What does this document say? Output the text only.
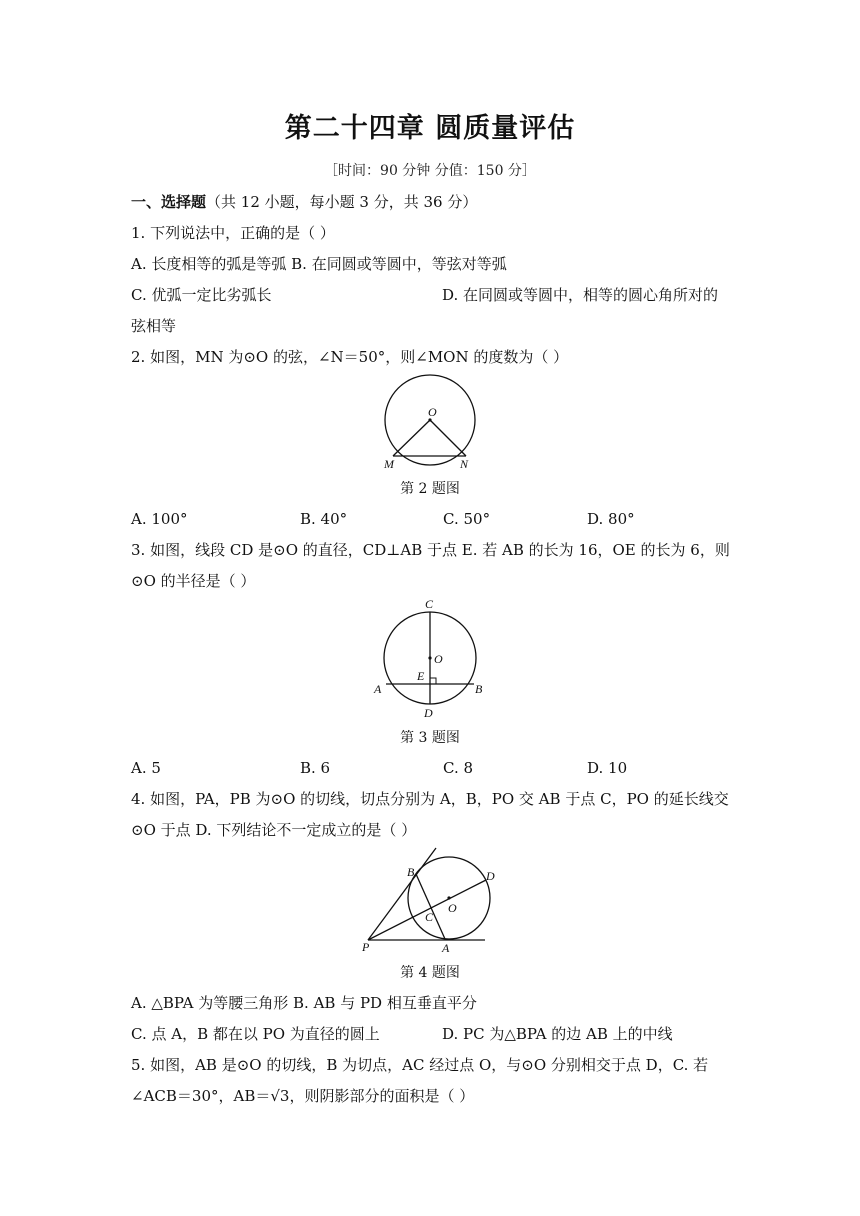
第二十四章 圆质量评估
［时间：90 分钟 分值：150 分］
一、选择题（共 12 小题，每小题 3 分，共 36 分）
1. 下列说法中，正确的是（ ）
A. 长度相等的弧是等弧 B. 在同圆或等圆中，等弦对等弧
C. 优弧一定比劣弧长	D. 在同圆或等圆中，相等的圆心角所对的
弦相等
2. 如图，MN 为⊙O 的弦，∠N＝50°，则∠MON 的度数为（ ）
O
M	N
第 2 题图
A. 100°	B. 40°	C. 50°	D. 80°
3. 如图，线段 CD 是⊙O 的直径，CD⊥AB 于点 E. 若 AB 的长为 16，OE 的长为 6，则
⊙O 的半径是（ ）
C
O
E
A	B
D
第 3 题图
A. 5	B. 6	C. 8	D. 10
4. 如图，PA，PB 为⊙O 的切线，切点分别为 A，B，PO 交 AB 于点 C，PO 的延长线交
⊙O 于点 D. 下列结论不一定成立的是（ ）
B	D
O
C
P	A
第 4 题图
A. △BPA 为等腰三角形 B. AB 与 PD 相互垂直平分
C. 点 A，B 都在以 PO 为直径的圆上	D. PC 为△BPA 的边 AB 上的中线
5. 如图，AB 是⊙O 的切线，B 为切点，AC 经过点 O，与⊙O 分别相交于点 D，C. 若
∠ACB＝30°，AB＝√3，则阴影部分的面积是（ ）
